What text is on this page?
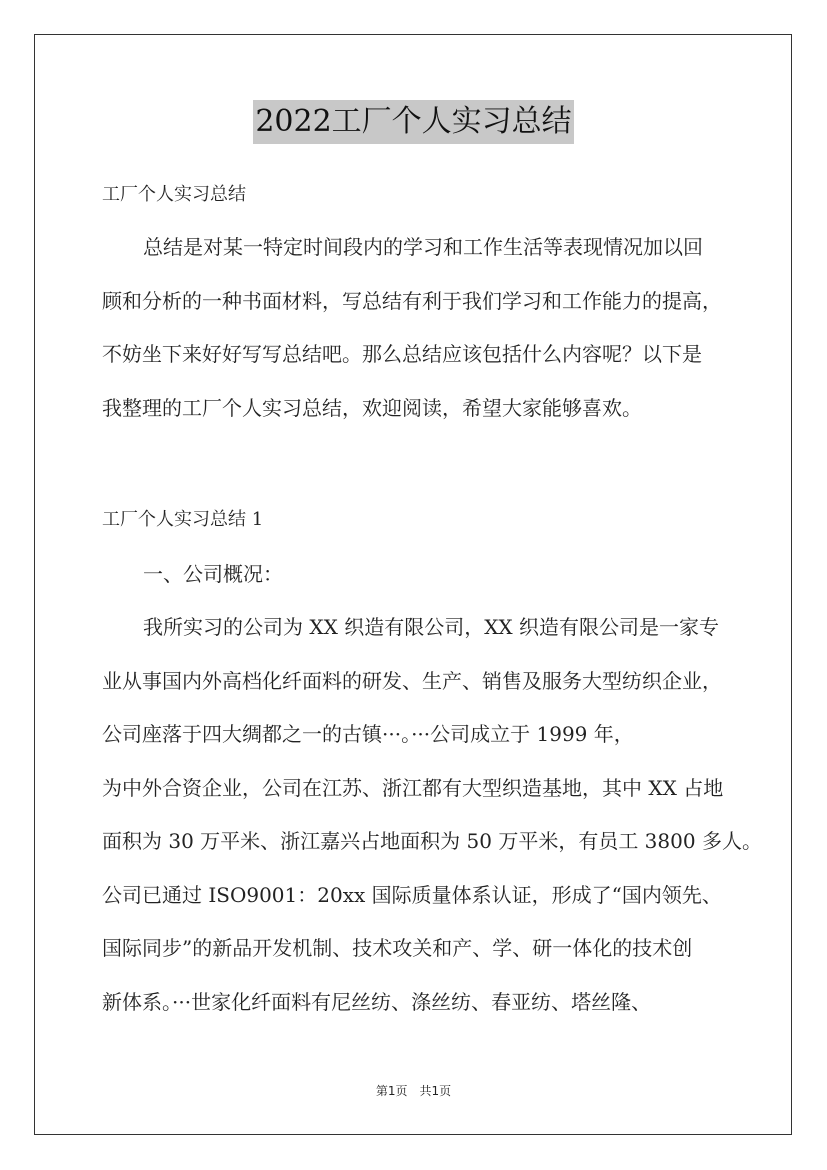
2022工厂个人实习总结
工厂个人实习总结
总结是对某一特定时间段内的学习和工作生活等表现情况加以回
顾和分析的一种书面材料，写总结有利于我们学习和工作能力的提高，
不妨坐下来好好写写总结吧。那么总结应该包括什么内容呢？以下是
我整理的工厂个人实习总结，欢迎阅读，希望大家能够喜欢。
工厂个人实习总结 1
一、公司概况：
我所实习的公司为 XX 织造有限公司，XX 织造有限公司是一家专
业从事国内外高档化纤面料的研发、生产、销售及服务大型纺织企业，
公司座落于四大绸都之一的古镇···。···公司成立于 1999 年，
为中外合资企业，公司在江苏、浙江都有大型织造基地，其中 XX 占地
面积为 30 万平米、浙江嘉兴占地面积为 50 万平米，有员工 3800 多人。
公司已通过 ISO9001：20xx 国际质量体系认证，形成了“国内领先、
国际同步”的新品开发机制、技术攻关和产、学、研一体化的技术创
新体系。···世家化纤面料有尼丝纺、涤丝纺、春亚纺、塔丝隆、
第1页　共1页
